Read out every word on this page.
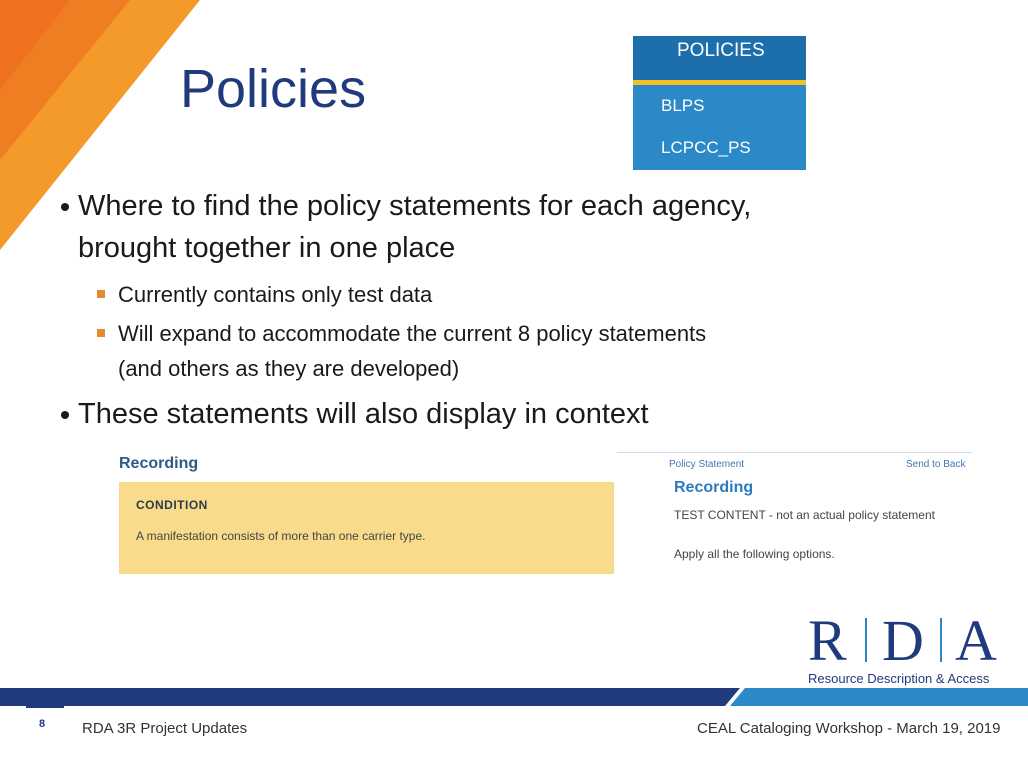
Policies
POLICIES
BLPS
LCPCC_PS
Where to find the policy statements for each agency,
brought together in one place
Currently contains only test data
Will expand to accommodate the current 8 policy statements
(and others as they are developed)
These statements will also display in context
Recording
CONDITION
A manifestation consists of more than one carrier type.
Policy Statement	Send to Back
Recording
TEST CONTENT - not an actual policy statement
Apply all the following options.
R D A
Resource Description & Access
8 RDA 3R Project Updates	CEAL Cataloging Workshop - March 19, 2019
